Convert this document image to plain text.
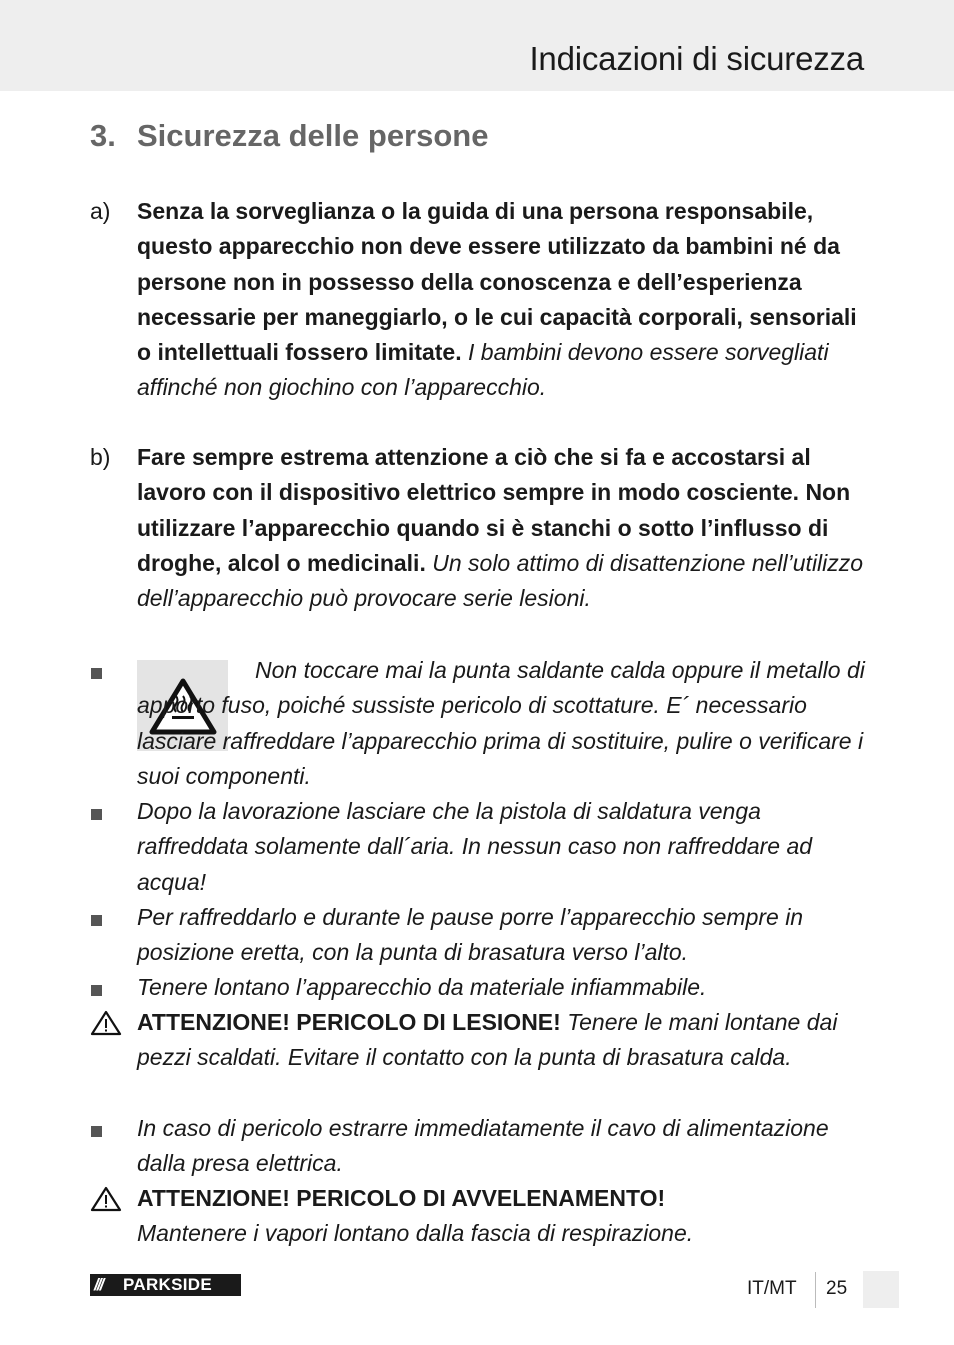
Indicazioni di sicurezza
3. Sicurezza delle persone
a) Senza la sorveglianza o la guida di una persona responsabile, questo apparecchio non deve essere utilizzato da bambini né da persone non in possesso della conoscenza e dell’esperienza necessarie per maneggiarlo, o le cui capacità corporali, sensoriali o intellettuali fossero limitate. I bambini devono essere sorvegliati affinché non giochino con l’apparecchio.
b) Fare sempre estrema attenzione a ciò che si fa e accostarsi al lavoro con il dispositivo elettrico sempre in modo cosciente. Non utilizzare l’apparecchio quando si è stanchi o sotto l’influsso di droghe, alcol o medicinali. Un solo attimo di disattenzione nell’utilizzo dell’apparecchio può provocare serie lesioni.
Non toccare mai la punta saldante calda oppure il metallo di apporto fuso, poiché sussiste pericolo di scottature. E´ necessario lasciare raffreddare l’apparecchio prima di sostituire, pulire o verificare i suoi componenti.
Dopo la lavorazione lasciare che la pistola di saldatura venga raffreddata solamente dall´aria. In nessun caso non raffreddare ad acqua!
Per raffreddarlo e durante le pause porre l’apparecchio sempre in posizione eretta, con la punta di brasatura verso l’alto.
Tenere lontano l’apparecchio da materiale infiammabile.
ATTENZIONE! PERICOLO DI LESIONE! Tenere le mani lontane dai pezzi scaldati. Evitare il contatto con la punta di brasatura calda.
In caso di pericolo estrarre immediatamente il cavo di alimentazione dalla presa elettrica.
ATTENZIONE! PERICOLO DI AVVELENAMENTO!
Mantenere i vapori lontano dalla fascia di respirazione.
/// PARKSIDE	IT/MT 25
